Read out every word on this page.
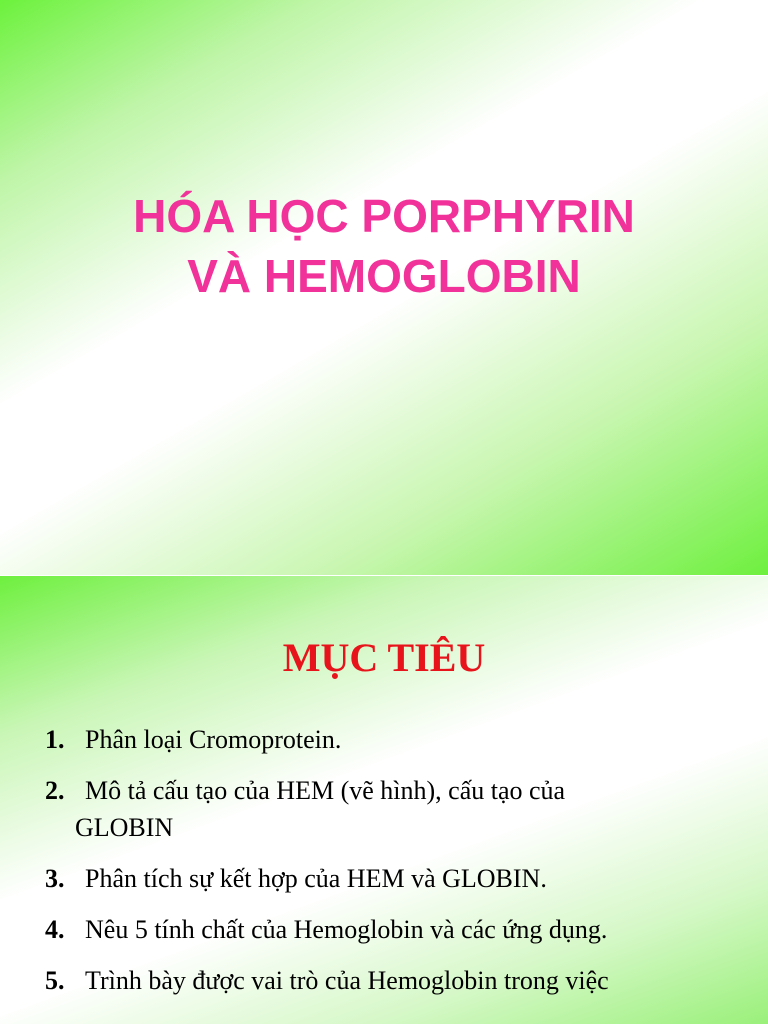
HÓA HỌC PORPHYRIN
VÀ HEMOGLOBIN
MỤC TIÊU
1. Phân loại Cromoprotein.
2. Mô tả cấu tạo của HEM (vẽ hình), cấu tạo của
GLOBIN
3. Phân tích sự kết hợp của HEM và GLOBIN.
4. Nêu 5 tính chất của Hemoglobin và các ứng dụng.
5. Trình bày được vai trò của Hemoglobin trong việc
